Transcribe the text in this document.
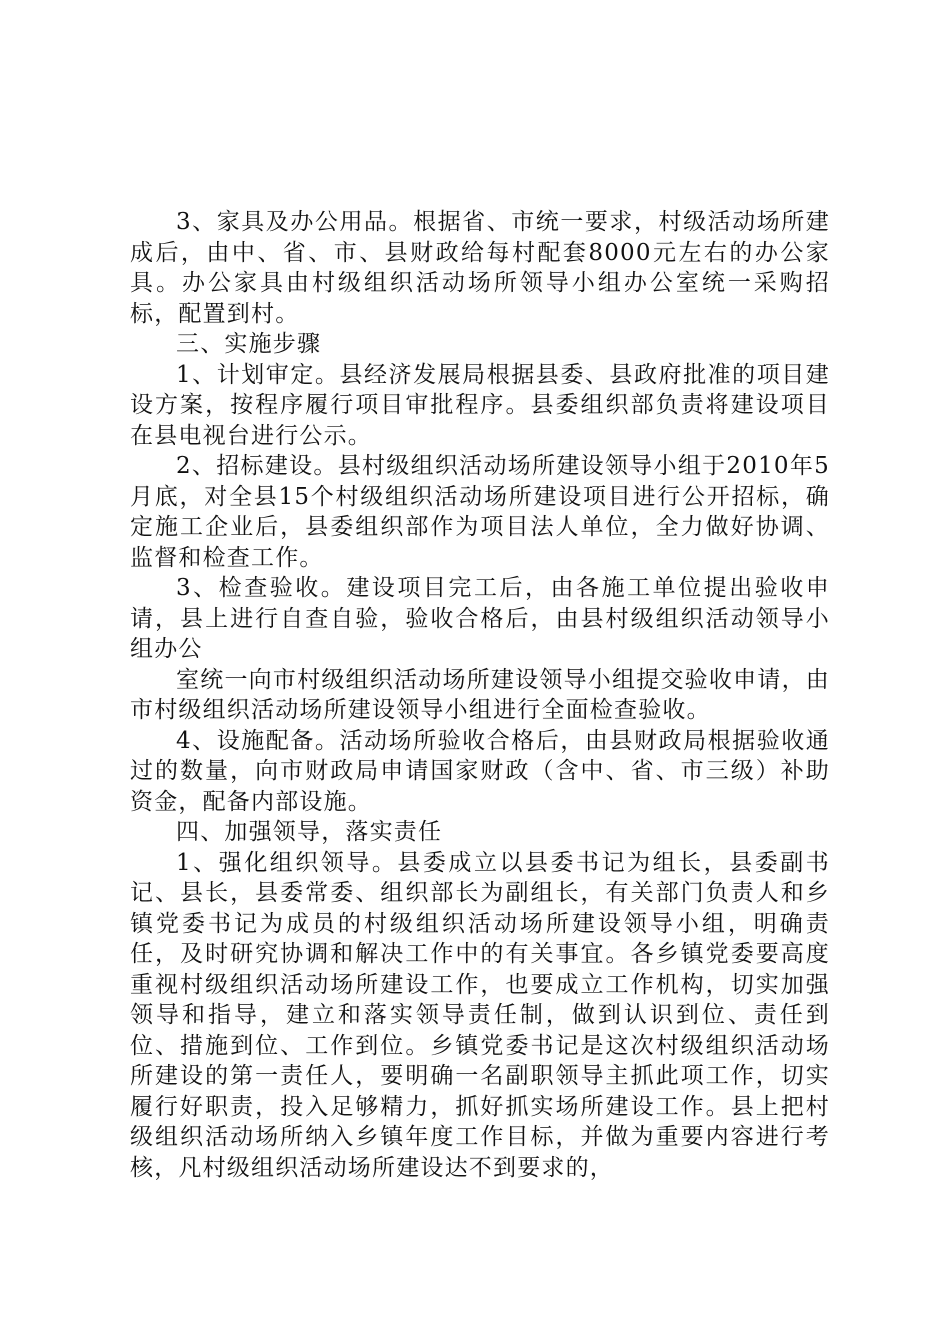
3、家具及办公用品。根据省、市统一要求，村级活动场所建成后，由中、省、市、县财政给每村配套8000元左右的办公家具。办公家具由村级组织活动场所领导小组办公室统一采购招标，配置到村。

三、实施步骤

1、计划审定。县经济发展局根据县委、县政府批准的项目建设方案，按程序履行项目审批程序。县委组织部负责将建设项目在县电视台进行公示。

2、招标建设。县村级组织活动场所建设领导小组于2010年5月底，对全县15个村级组织活动场所建设项目进行公开招标，确定施工企业后，县委组织部作为项目法人单位，全力做好协调、监督和检查工作。

3、检查验收。建设项目完工后，由各施工单位提出验收申请，县上进行自查自验，验收合格后，由县村级组织活动领导小组办公

室统一向市村级组织活动场所建设领导小组提交验收申请，由市村级组织活动场所建设领导小组进行全面检查验收。

4、设施配备。活动场所验收合格后，由县财政局根据验收通过的数量，向市财政局申请国家财政（含中、省、市三级）补助资金，配备内部设施。

四、加强领导，落实责任

1、强化组织领导。县委成立以县委书记为组长，县委副书记、县长，县委常委、组织部长为副组长，有关部门负责人和乡镇党委书记为成员的村级组织活动场所建设领导小组，明确责任，及时研究协调和解决工作中的有关事宜。各乡镇党委要高度重视村级组织活动场所建设工作，也要成立工作机构，切实加强领导和指导，建立和落实领导责任制，做到认识到位、责任到位、措施到位、工作到位。乡镇党委书记是这次村级组织活动场所建设的第一责任人，要明确一名副职领导主抓此项工作，切实履行好职责，投入足够精力，抓好抓实场所建设工作。县上把村级组织活动场所纳入乡镇年度工作目标，并做为重要内容进行考核，凡村级组织活动场所建设达不到要求的，
